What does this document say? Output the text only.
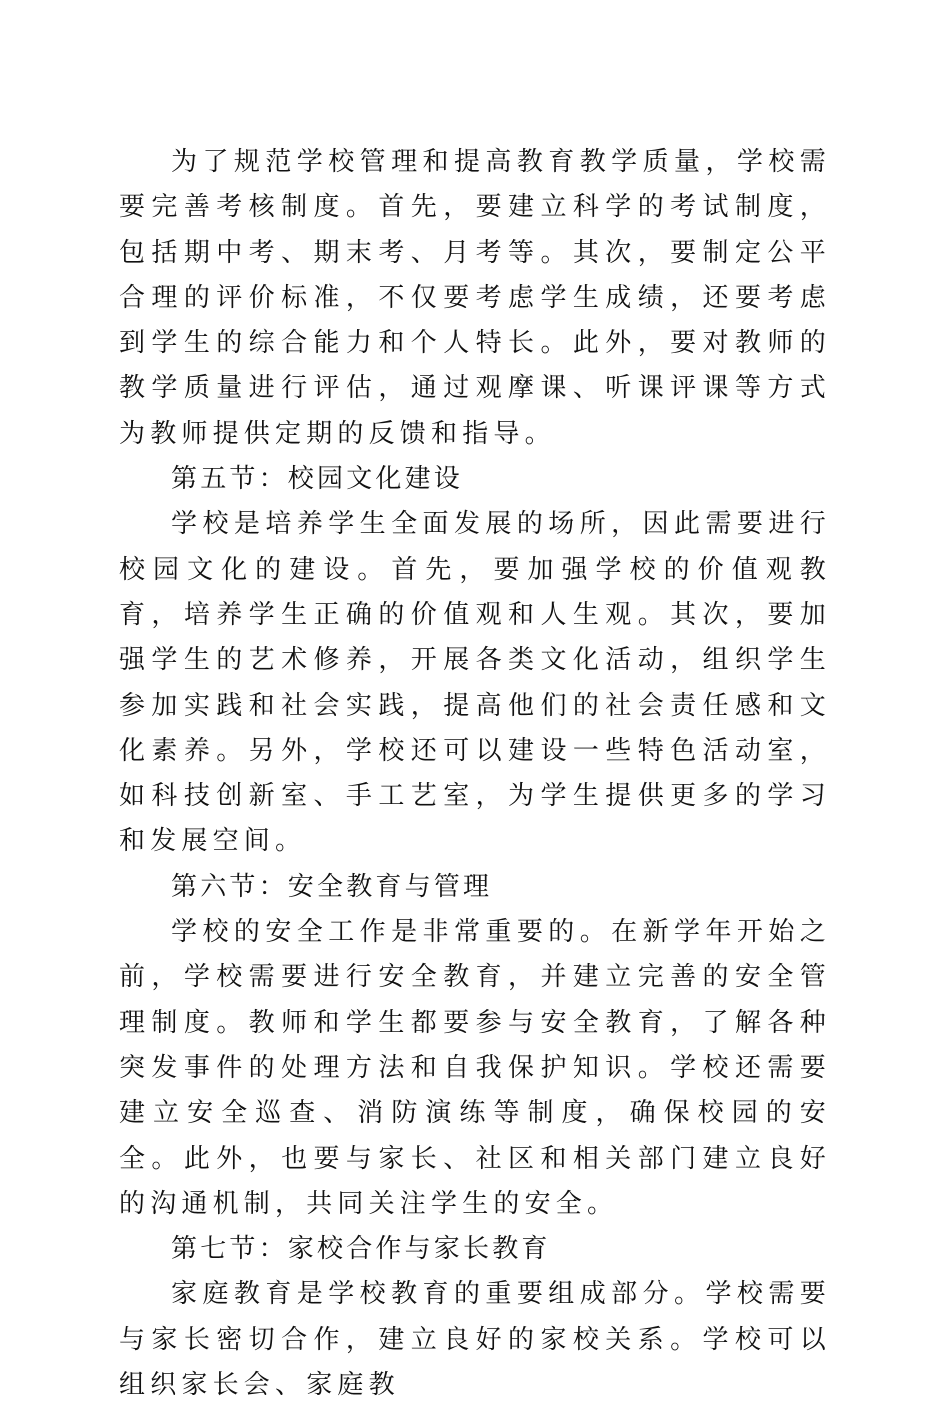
为了规范学校管理和提高教育教学质量，学校需要完善考核制度。首先，要建立科学的考试制度，包括期中考、期末考、月考等。其次，要制定公平合理的评价标准，不仅要考虑学生成绩，还要考虑到学生的综合能力和个人特长。此外，要对教师的教学质量进行评估，通过观摩课、听课评课等方式为教师提供定期的反馈和指导。

第五节：校园文化建设

学校是培养学生全面发展的场所，因此需要进行校园文化的建设。首先，要加强学校的价值观教育，培养学生正确的价值观和人生观。其次，要加强学生的艺术修养，开展各类文化活动，组织学生参加实践和社会实践，提高他们的社会责任感和文化素养。另外，学校还可以建设一些特色活动室，如科技创新室、手工艺室，为学生提供更多的学习和发展空间。

第六节：安全教育与管理

学校的安全工作是非常重要的。在新学年开始之前，学校需要进行安全教育，并建立完善的安全管理制度。教师和学生都要参与安全教育，了解各种突发事件的处理方法和自我保护知识。学校还需要建立安全巡查、消防演练等制度，确保校园的安全。此外，也要与家长、社区和相关部门建立良好的沟通机制，共同关注学生的安全。

第七节：家校合作与家长教育

家庭教育是学校教育的重要组成部分。学校需要与家长密切合作，建立良好的家校关系。学校可以组织家长会、家庭教
